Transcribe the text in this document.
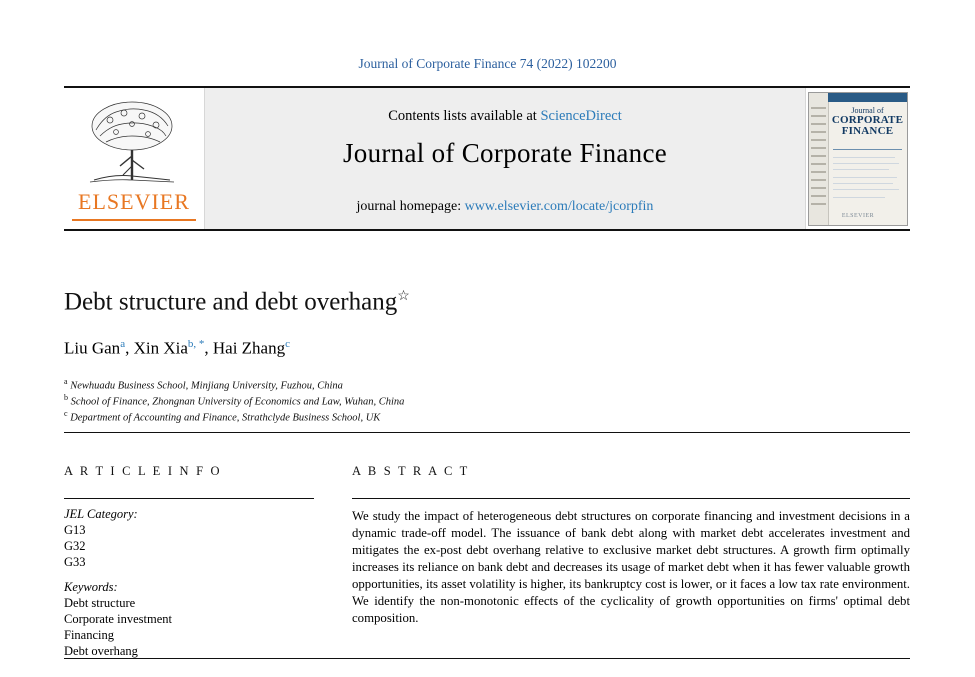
Journal of Corporate Finance 74 (2022) 102200
ELSEVIER
Contents lists available at ScienceDirect
Journal of Corporate Finance
journal homepage: www.elsevier.com/locate/jcorpfin
Journal of
CORPORATE
FINANCE
ELSEVIER
Debt structure and debt overhang☆
Liu Gan$^a$, Xin Xia$^{b, *}$, Hai Zhang$^c$
$^a$ Newhuadu Business School, Minjiang University, Fuzhou, China
$^b$ School of Finance, Zhongnan University of Economics and Law, Wuhan, China
$^c$ Department of Accounting and Finance, Strathclyde Business School, UK
A R T I C L E I N F O
JEL Category:
G13
G32
G33
Keywords:
Debt structure
Corporate investment
Financing
Debt overhang
A B S T R A C T
We study the impact of heterogeneous debt structures on corporate financing and investment decisions in a dynamic trade-off model. The issuance of bank debt along with market debt accelerates investment and mitigates the ex-post debt overhang relative to exclusive market debt structures. A growth firm optimally increases its reliance on bank debt and decreases its usage of market debt when it has fewer valuable growth opportunities, its asset volatility is higher, its bankruptcy cost is lower, or it faces a low tax rate environment. We identify the non-monotonic effects of the cyclicality of growth opportunities on firms' optimal debt composition.
